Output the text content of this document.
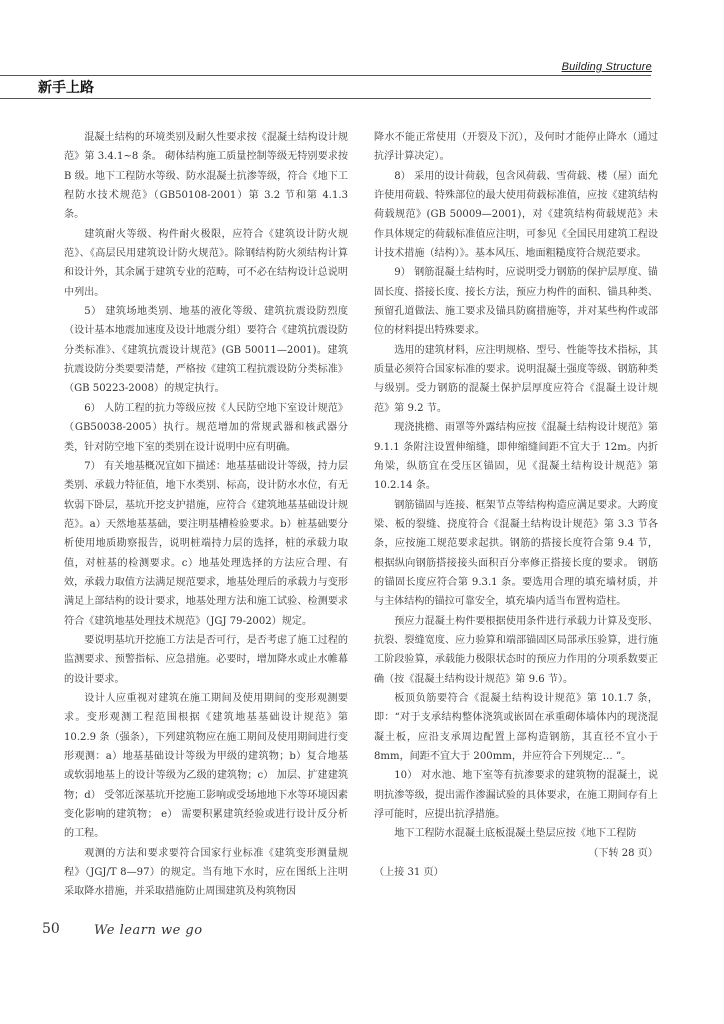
Building Structure
新手上路

混凝土结构的环境类别及耐久性要求按《混凝土结构设计规范》第 3.4.1~8 条。 砌体结构施工质量控制等级无特别要求按 B 级。地下工程防水等级、防水混凝土抗渗等级，符合《地下工程防水技术规范》（GB50108-2001）第 3.2 节和第 4.1.3 条。

建筑耐火等级、构件耐火极限，应符合《建筑设计防火规范》、《高层民用建筑设计防火规范》。除钢结构防火须结构计算和设计外，其余属于建筑专业的范畴，可不必在结构设计总说明中列出。

5） 建筑场地类别、地基的液化等级、建筑抗震设防烈度（设计基本地震加速度及设计地震分组）要符合《建筑抗震设防分类标准》、《建筑抗震设计规范》(GB 50011—2001)。建筑抗震设防分类要要清楚，严格按《建筑工程抗震设防分类标准》（GB 50223-2008）的规定执行。

6） 人防工程的抗力等级应按《人民防空地下室设计规范》（GB50038-2005）执行。规范增加的常规武器和核武器分类，针对防空地下室的类别在设计说明中应有明确。

7） 有关地基概况宜如下描述：地基基础设计等级，持力层类别、承载力特征值，地下水类别、标高，设计防水水位，有无软弱下卧层，基坑开挖支护措施，应符合《建筑地基基础设计规范》。a）天然地基基础，要注明基槽检验要求。b）桩基础要分析使用地质勘察报告，说明桩端持力层的选择，桩的承载力取值，对桩基的检测要求。c）地基处理选择的方法应合理、有效，承载力取值方法满足规范要求，地基处理后的承载力与变形满足上部结构的设计要求，地基处理方法和施工试验、检测要求符合《建筑地基处理技术规范》（JGJ 79-2002）规定。

要说明基坑开挖施工方法是否可行，是否考虑了施工过程的监测要求、预警指标、应急措施。必要时，增加降水或止水帷幕的设计要求。

设计人应重视对建筑在施工期间及使用期间的变形观测要求。变形观测工程范围根据《建筑地基基础设计规范》第 10.2.9 条（强条），下列建筑物应在施工期间及使用期间进行变形观测：a）地基基础设计等级为甲级的建筑物；b）复合地基或软弱地基上的设计等级为乙级的建筑物；c） 加层、扩建建筑物；d） 受邻近深基坑开挖施工影响或受场地地下水等环境因素变化影响的建筑物； e） 需要积累建筑经验或进行设计反分析的工程。

观测的方法和要求要符合国家行业标准《建筑变形测量规程》（JGJ/T 8—97）的规定。当有地下水时，应在图纸上注明采取降水措施，并采取措施防止周围建筑及构筑物因

降水不能正常使用（开裂及下沉），及何时才能停止降水（通过抗浮计算决定）。

8） 采用的设计荷载，包含风荷载、雪荷载、楼（屋）面允许使用荷载、特殊部位的最大使用荷载标准值，应按《建筑结构荷载规范》(GB 50009—2001)，对《建筑结构荷载规范》未作具体规定的荷载标准值应注明，可参见《全国民用建筑工程设计技术措施（结构）》。基本风压、地面粗糙度符合规范要求。

9） 钢筋混凝土结构时，应说明受力钢筋的保护层厚度、锚固长度、搭接长度、接长方法，预应力构件的面积、锚具种类、预留孔道做法、施工要求及锚具防腐措施等，并对某些构件或部位的材料提出特殊要求。

选用的建筑材料，应注明规格、型号、性能等技术指标，其质量必须符合国家标准的要求。说明混凝土强度等级、钢筋种类与级别。受力钢筋的混凝土保护层厚度应符合《混凝土设计规范》第 9.2 节。

现浇挑檐、雨罩等外露结构应按《混凝土结构设计规范》第 9.1.1 条附注设置伸缩缝，即伸缩缝间距不宜大于 12m。内折角梁，纵筋宜在受压区锚固，见《混凝土结构设计规范》第 10.2.14 条。

钢筋锚固与连接、框架节点等结构构造应满足要求。大跨度梁、板的裂缝、挠度符合《混凝土结构设计规范》第 3.3 节各条，应按施工规范要求起拱。钢筋的搭接长度符合第 9.4 节，根据纵向钢筋搭接接头面积百分率修正搭接长度的要求。 钢筋的锚固长度应符合第 9.3.1 条。要选用合理的填充墙材质，并与主体结构的锚拉可靠安全，填充墙内适当布置构造柱。

预应力混凝土构件要根据使用条件进行承载力计算及变形、抗裂、裂缝宽度、应力验算和端部锚固区局部承压验算，进行施工阶段验算，承载能力极限状态时的预应力作用的分项系数要正确（按《混凝土结构设计规范》第 9.6 节）。

板顶负筋要符合《混凝土结构设计规范》第 10.1.7 条，即：“对于支承结构整体浇筑或嵌固在承重砌体墙体内的现浇混凝土板，应沿支承周边配置上部构造钢筋，其直径不宜小于 8mm，间距不宜大于 200mm，并应符合下列规定… ”。

10） 对水池、地下室等有抗渗要求的建筑物的混凝土，说明抗渗等级，提出需作渗漏试验的具体要求，在施工期间存有上浮可能时，应提出抗浮措施。

地下工程防水混凝土底板混凝土垫层应按《地下工程防

（下转 28 页）

（上接 31 页）

50	We learn we go
